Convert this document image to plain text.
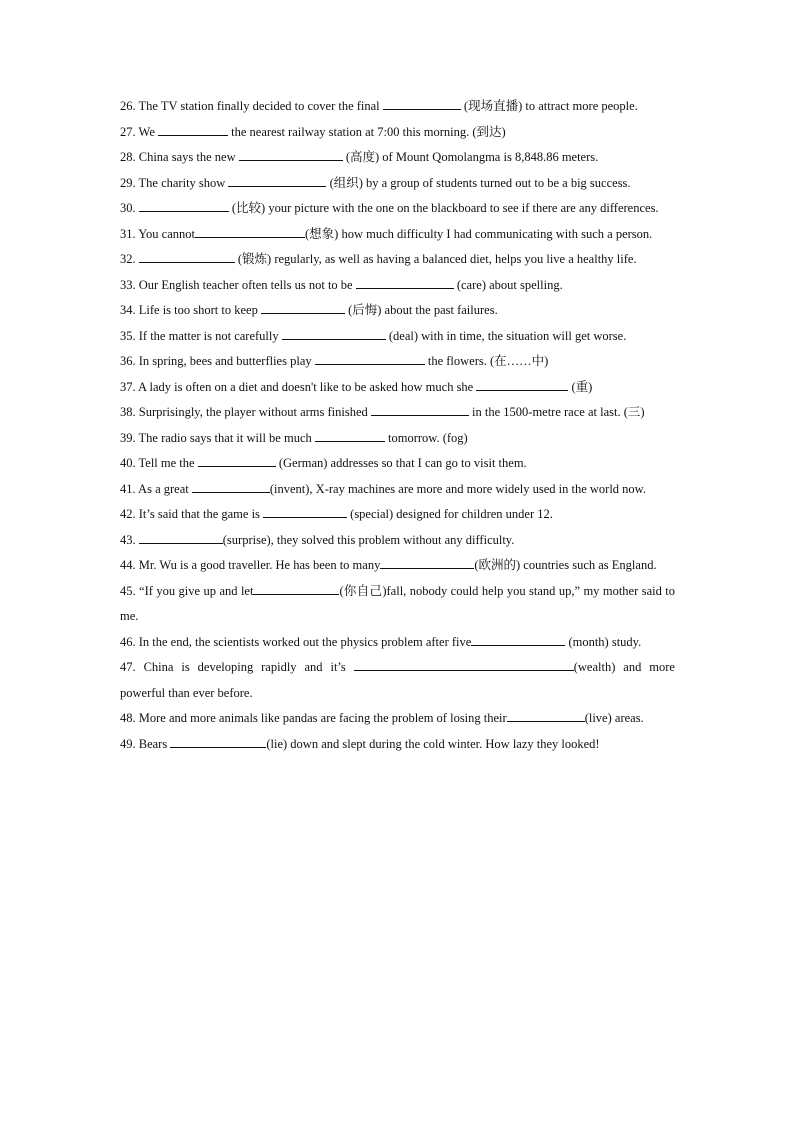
26. The TV station finally decided to cover the final	(现场直播) to attract more people.

27. We	the nearest railway station at 7:00 this morning. (到达)

28. China says the new	(高度) of Mount Qomolangma is 8,848.86 meters.

29. The charity show	(组织) by a group of students turned out to be a big success.

30.	(比较) your picture with the one on the blackboard to see if there are any differences.

31. You cannot	(想象) how much difficulty I had communicating with such a person.

32.	(锻炼) regularly, as well as having a balanced diet, helps you live a healthy life.

33. Our English teacher often tells us not to be	(care) about spelling.

34. Life is too short to keep	(后悔) about the past failures.

35. If the matter is not carefully	(deal) with in time, the situation will get worse.

36. In spring, bees and butterflies play	the flowers. (在……中)

37. A lady is often on a diet and doesn't like to be asked how much she	(重)

38. Surprisingly, the player without arms finished	in the 1500-metre race at last. (三)

39. The radio says that it will be much	tomorrow. (fog)

40. Tell me the	(German) addresses so that I can go to visit them.

41. As a great	(invent), X-ray machines are more and more widely used in the world now.

42. It’s said that the game is	(special) designed for children under 12.

43.	(surprise), they solved this problem without any difficulty.

44. Mr. Wu is a good traveller. He has been to many	(欧洲的) countries such as England.

45. “If you give up and let	(你自己)fall, nobody could help you stand up,” my mother said to me.

46. In the end, the scientists worked out the physics problem after five	(month) study.

47. China is developing rapidly and it’s	(wealth) and more powerful than ever before.

48. More and more animals like pandas are facing the problem of losing their	(live) areas.

49. Bears	(lie) down and slept during the cold winter. How lazy they looked!
